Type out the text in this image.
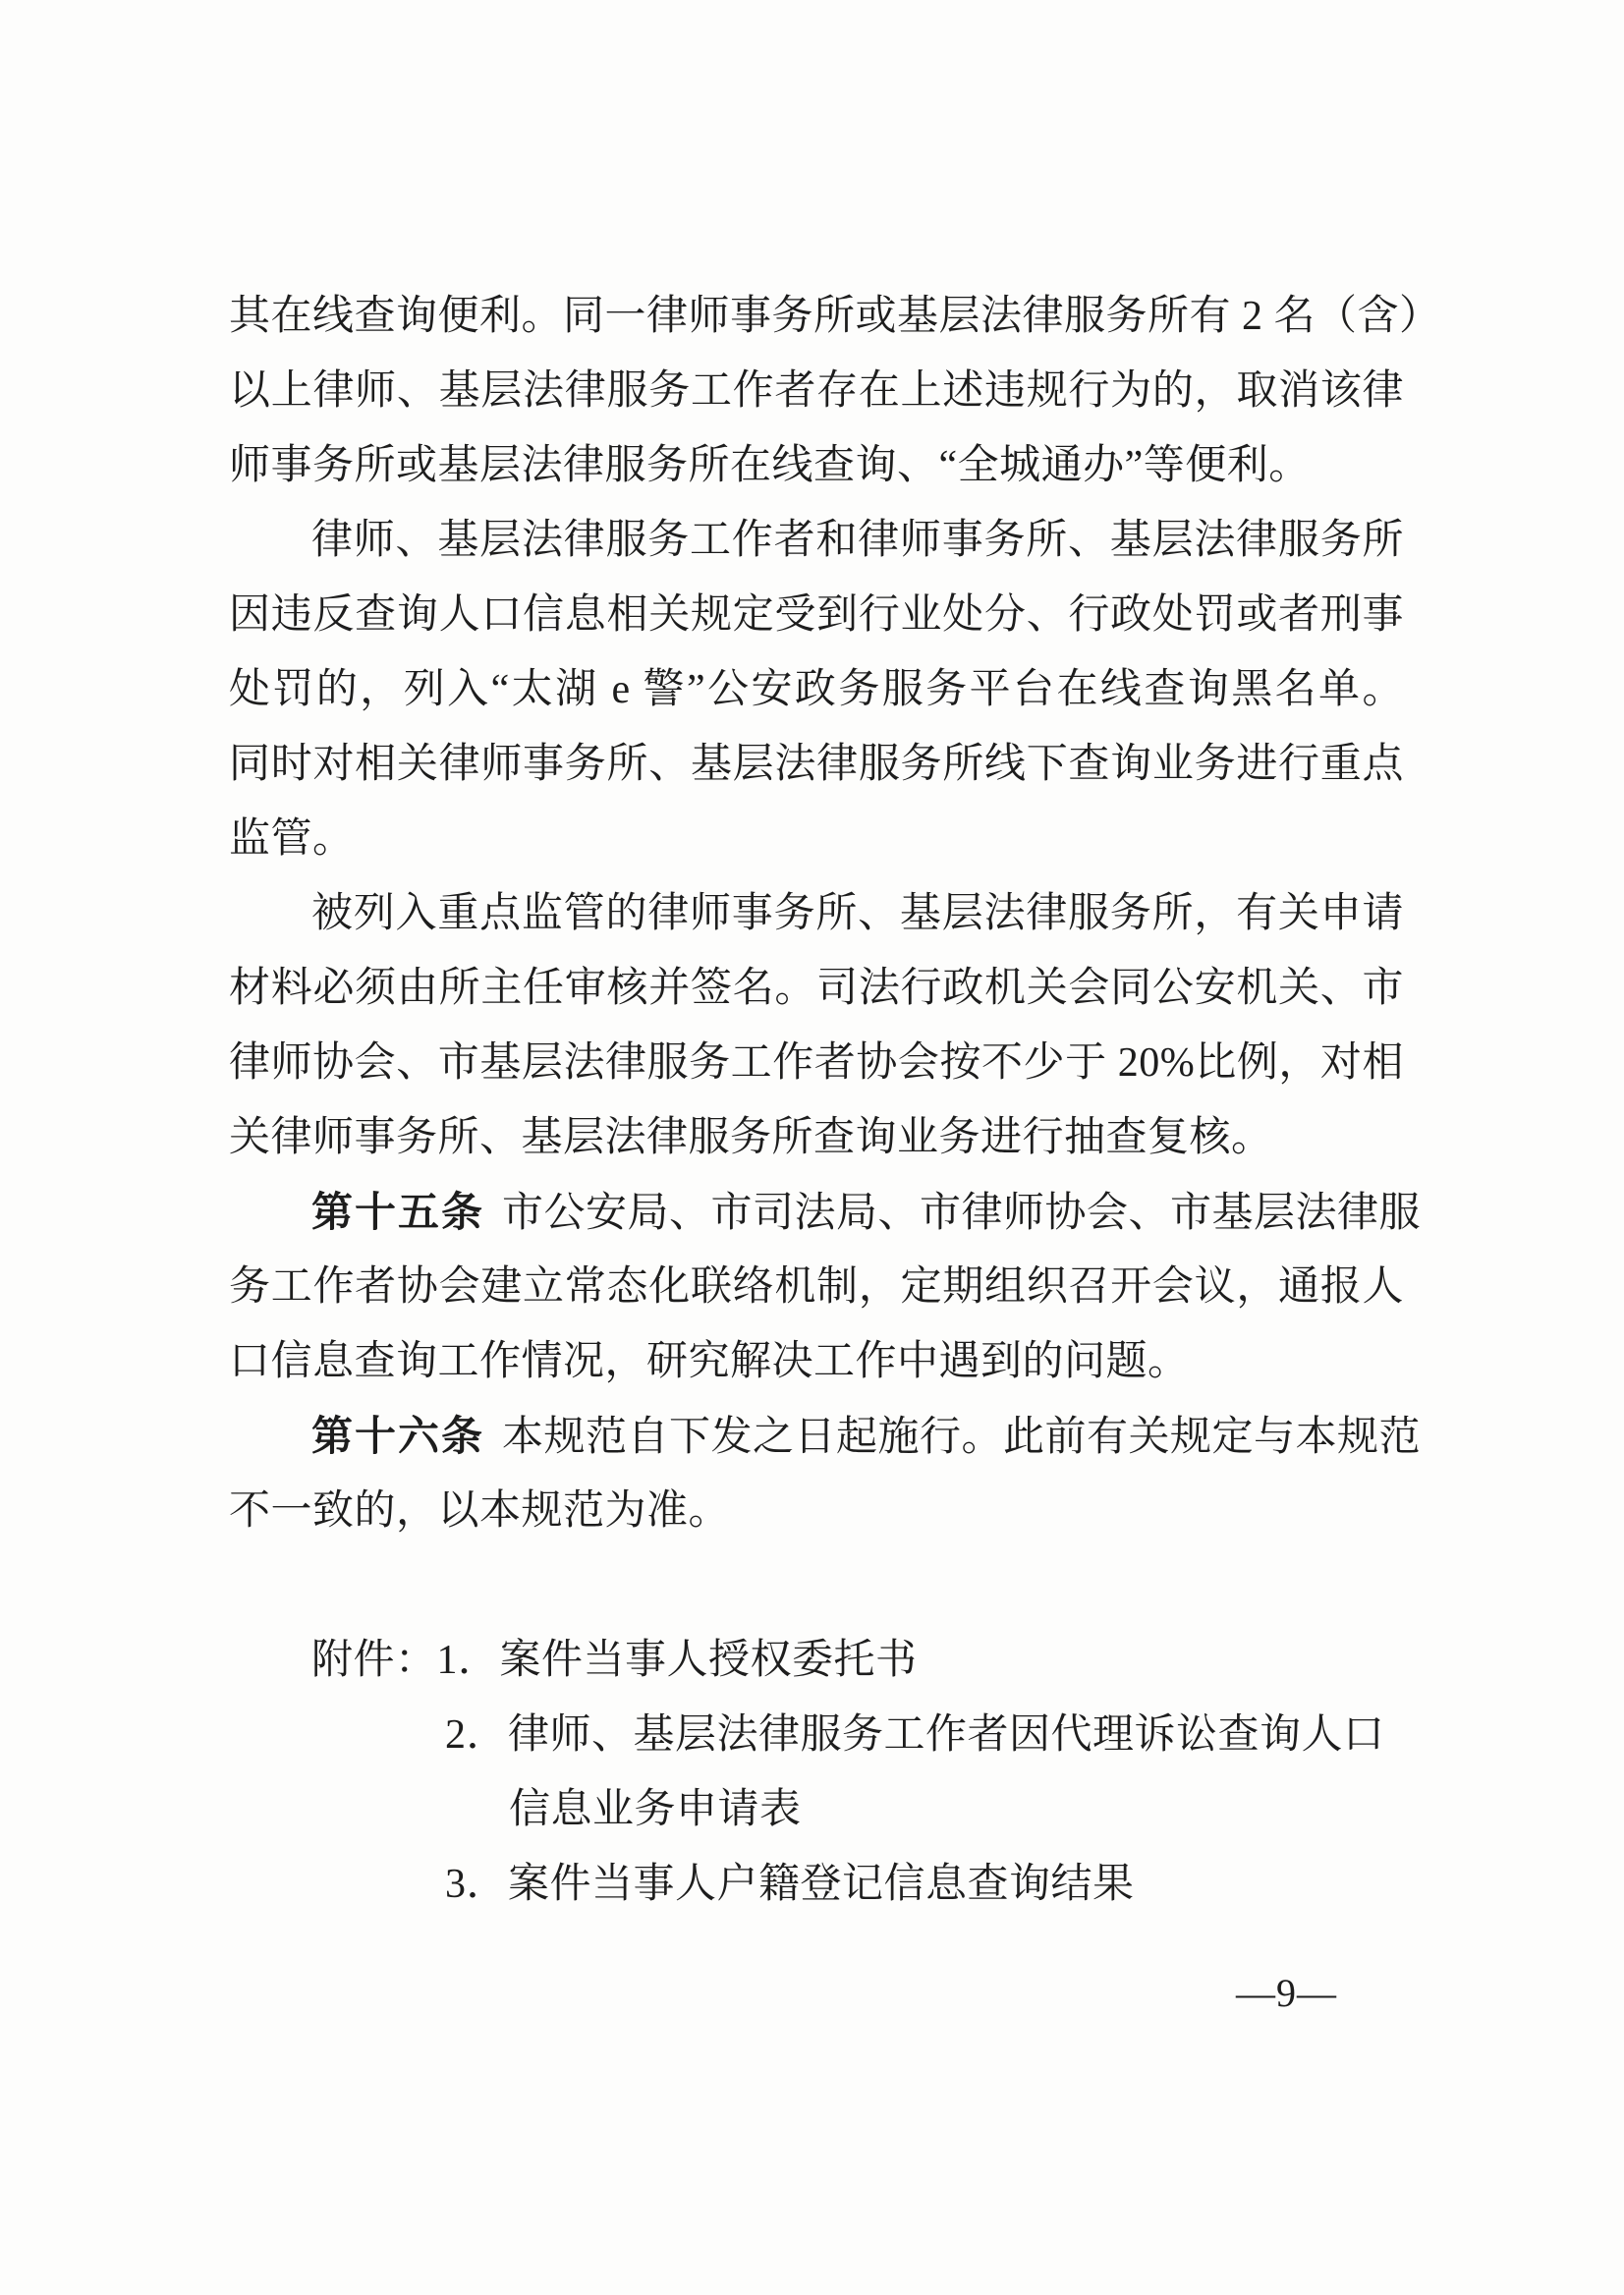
其在线查询便利。同一律师事务所或基层法律服务所有 2 名（含）
以上律师、基层法律服务工作者存在上述违规行为的，取消该律
师事务所或基层法律服务所在线查询、“全城通办”等便利。
律师、基层法律服务工作者和律师事务所、基层法律服务所
因违反查询人口信息相关规定受到行业处分、行政处罚或者刑事
处罚的，列入“太湖 e 警”公安政务服务平台在线查询黑名单。
同时对相关律师事务所、基层法律服务所线下查询业务进行重点
监管。
被列入重点监管的律师事务所、基层法律服务所，有关申请
材料必须由所主任审核并签名。司法行政机关会同公安机关、市
律师协会、市基层法律服务工作者协会按不少于 20%比例，对相
关律师事务所、基层法律服务所查询业务进行抽查复核。
第十五条 市公安局、市司法局、市律师协会、市基层法律服
务工作者协会建立常态化联络机制，定期组织召开会议，通报人
口信息查询工作情况，研究解决工作中遇到的问题。
第十六条 本规范自下发之日起施行。此前有关规定与本规范
不一致的，以本规范为准。
附件：1．案件当事人授权委托书
2．律师、基层法律服务工作者因代理诉讼查询人口
信息业务申请表
3．案件当事人户籍登记信息查询结果
—9—
